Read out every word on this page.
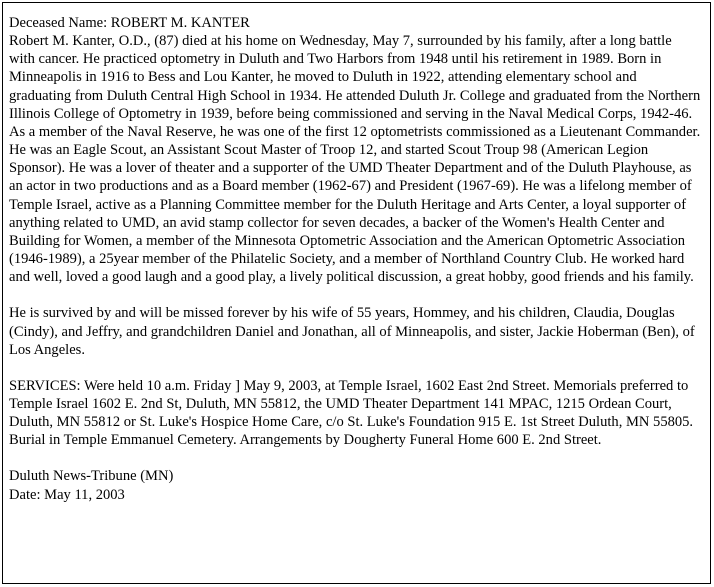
Deceased Name: ROBERT M. KANTER

Robert M. Kanter, O.D., (87) died at his home on Wednesday, May 7, surrounded by his family, after a long battle with cancer. He practiced optometry in Duluth and Two Harbors from 1948 until his retirement in 1989. Born in Minneapolis in 1916 to Bess and Lou Kanter, he moved to Duluth in 1922, attending elementary school and graduating from Duluth Central High School in 1934. He attended Duluth Jr. College and graduated from the Northern Illinois College of Optometry in 1939, before being commissioned and serving in the Naval Medical Corps, 1942-46. As a member of the Naval Reserve, he was one of the first 12 optometrists commissioned as a Lieutenant Commander. He was an Eagle Scout, an Assistant Scout Master of Troop 12, and started Scout Troup 98 (American Legion Sponsor). He was a lover of theater and a supporter of the UMD Theater Department and of the Duluth Playhouse, as an actor in two productions and as a Board member (1962-67) and President (1967-69). He was a lifelong member of Temple Israel, active as a Planning Committee member for the Duluth Heritage and Arts Center, a loyal supporter of anything related to UMD, an avid stamp collector for seven decades, a backer of the Women's Health Center and Building for Women, a member of the Minnesota Optometric Association and the American Optometric Association (1946-1989), a 25year member of the Philatelic Society, and a member of Northland Country Club. He worked hard and well, loved a good laugh and a good play, a lively political discussion, a great hobby, good friends and his family.

He is survived by and will be missed forever by his wife of 55 years, Hommey, and his children, Claudia, Douglas (Cindy), and Jeffry, and grandchildren Daniel and Jonathan, all of Minneapolis, and sister, Jackie Hoberman (Ben), of Los Angeles.

SERVICES: Were held 10 a.m. Friday ] May 9, 2003, at Temple Israel, 1602 East 2nd Street. Memorials preferred to Temple Israel 1602 E. 2nd St, Duluth, MN 55812, the UMD Theater Department 141 MPAC, 1215 Ordean Court, Duluth, MN 55812 or St. Luke's Hospice Home Care, c/o St. Luke's Foundation 915 E. 1st Street Duluth, MN 55805. Burial in Temple Emmanuel Cemetery. Arrangements by Dougherty Funeral Home 600 E. 2nd Street.

Duluth News-Tribune (MN)

Date: May 11, 2003
